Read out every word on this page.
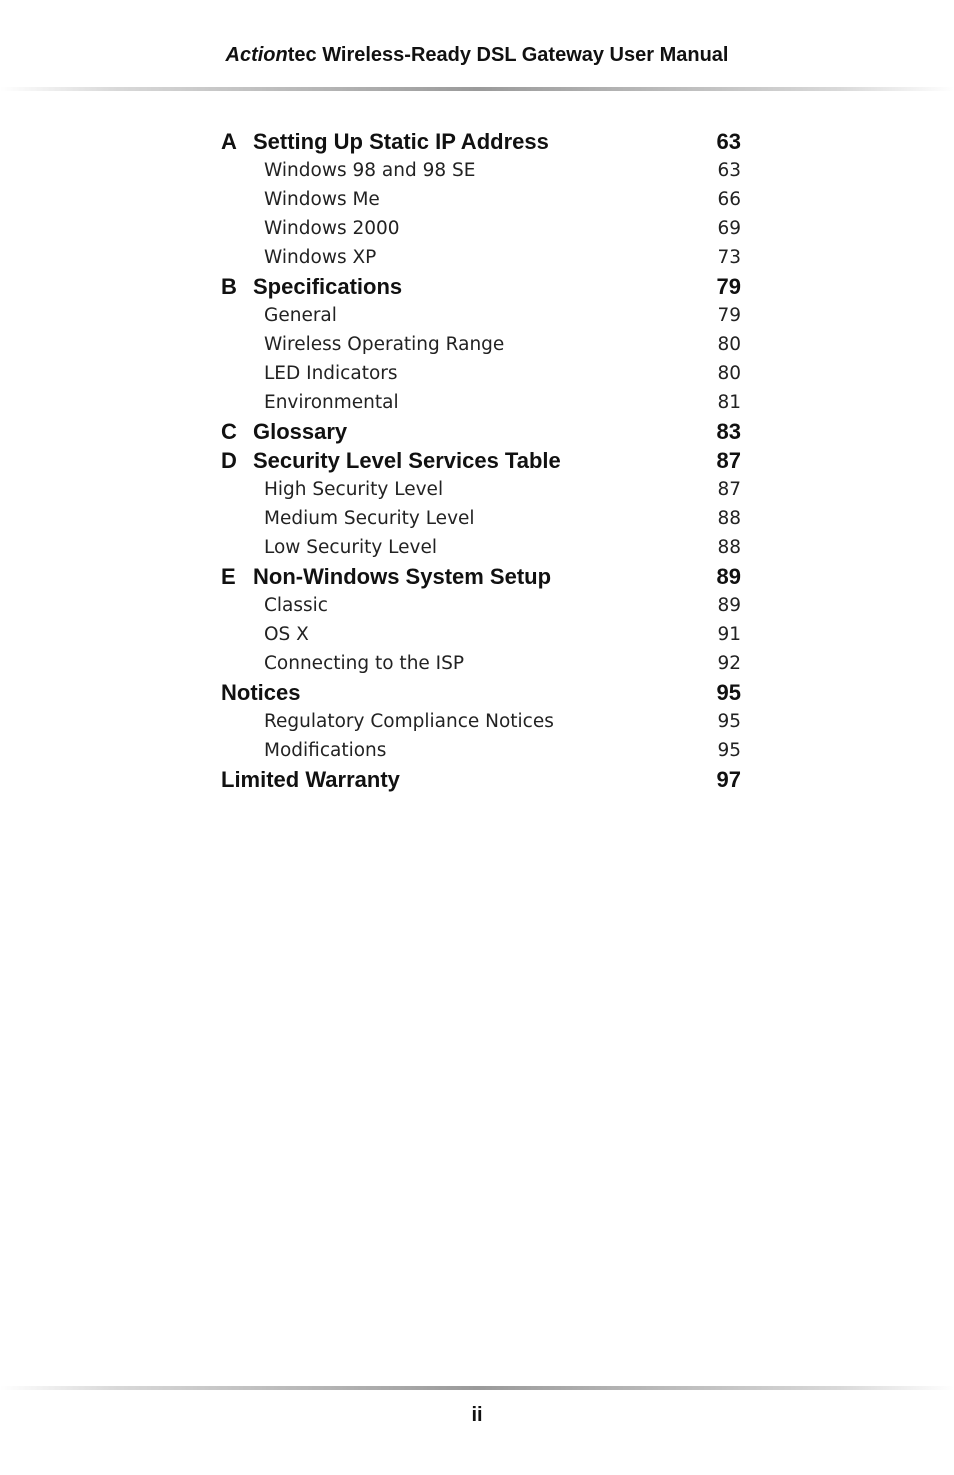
Actiontec Wireless-Ready DSL Gateway User Manual
A Setting Up Static IP Address	63
Windows 98 and 98 SE	63
Windows Me	66
Windows 2000	69
Windows XP	73
B Specifications	79
General	79
Wireless Operating Range	80
LED Indicators	80
Environmental	81
C Glossary	83
D Security Level Services Table	87
High Security Level	87
Medium Security Level	88
Low Security Level	88
E Non-Windows System Setup	89
Classic	89
OS X	91
Connecting to the ISP	92
Notices	95
Regulatory Compliance Notices	95
Modifications	95
Limited Warranty	97
ii
